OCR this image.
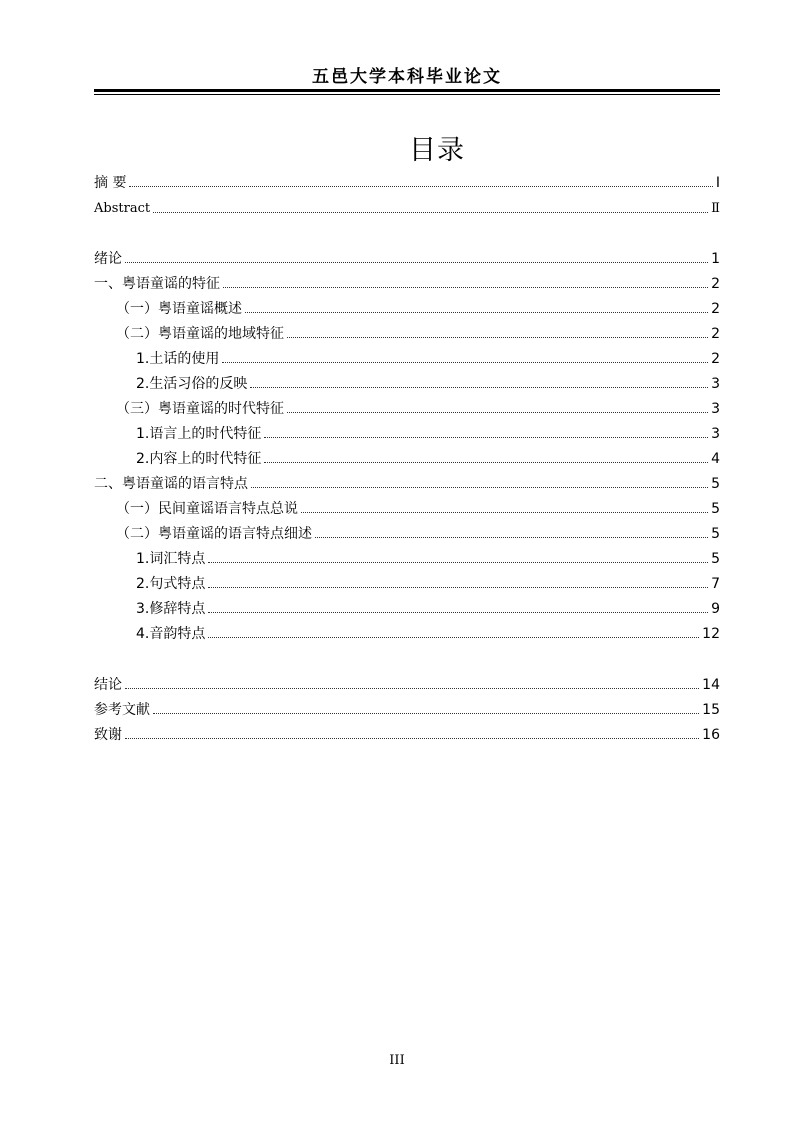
五邑大学本科毕业论文
目录
摘 要	I
Abstract	Ⅱ
绪论	1
一、粤语童谣的特征	2
（一）粤语童谣概述	2
（二）粤语童谣的地域特征	2
1.土话的使用	2
2.生活习俗的反映	3
（三）粤语童谣的时代特征	3
1.语言上的时代特征	3
2.内容上的时代特征	4
二、粤语童谣的语言特点	5
（一）民间童谣语言特点总说	5
（二）粤语童谣的语言特点细述	5
1.词汇特点	5
2.句式特点	7
3.修辞特点	9
4.音韵特点	12
结论	14
参考文献	15
致谢	16
III
